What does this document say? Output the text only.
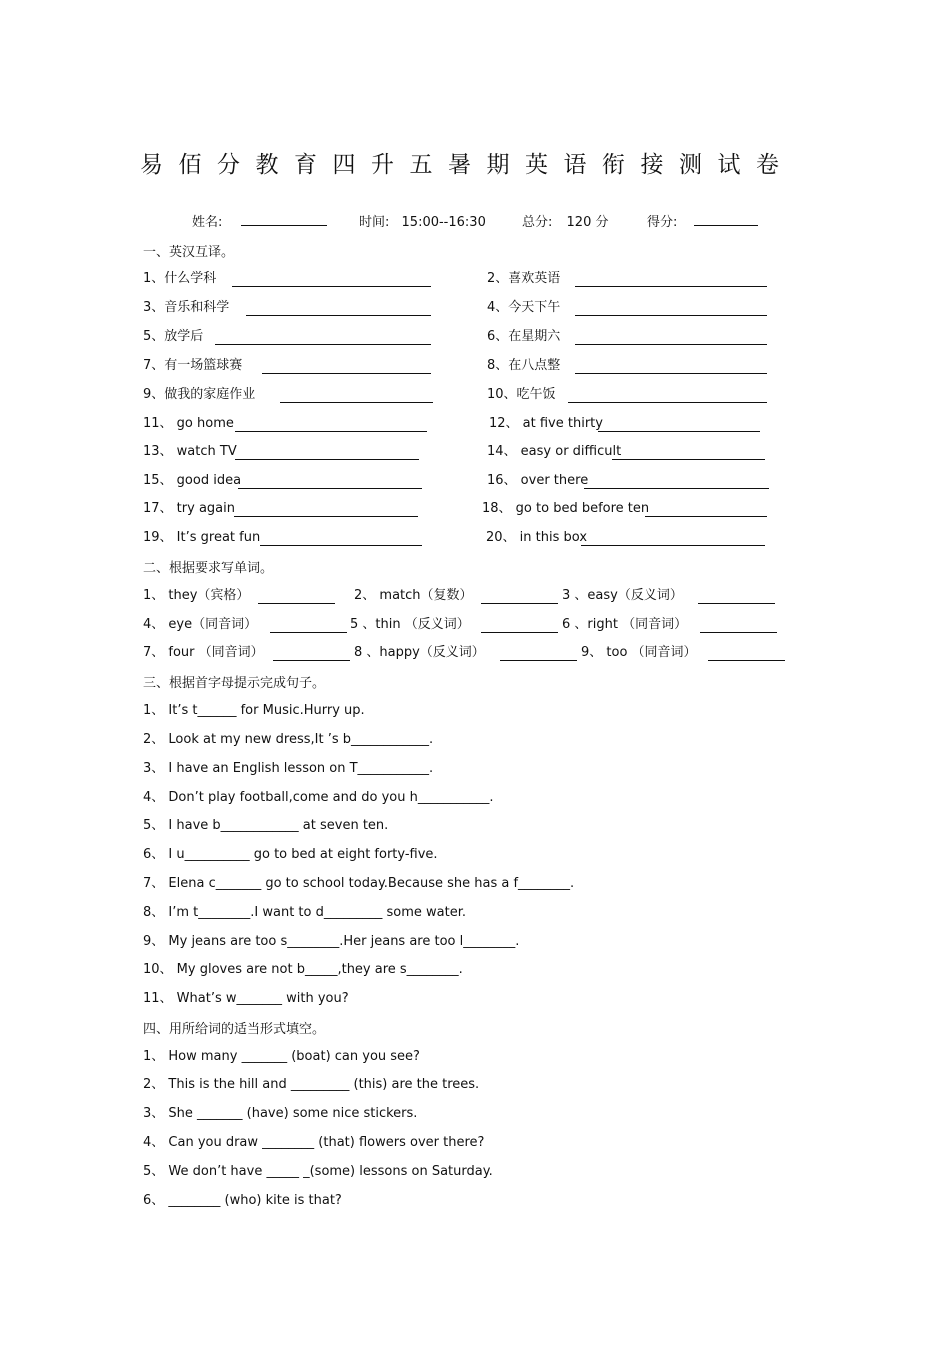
易佰分教育四升五暑期英语衔接测试卷
姓名:	时间: 15:00--16:30	总分: 120 分	得分:
一、英汉互译。
1、什么学科	2、喜欢英语
3、音乐和科学	4、今天下午
5、放学后	6、在星期六
7、有一场篮球赛	8、在八点整
9、做我的家庭作业	10、吃午饭
11、 go home	12、 at five thirty
13、 watch TV	14、 easy or difficult
15、 good idea	16、 over there
17、 try again	18、 go to bed before ten
19、 It’s great fun	20、 in this box
二、根据要求写单词。
1、 they（宾格）	2、 match（复数）	3 、easy（反义词）
4、 eye（同音词）	5 、thin （反义词）	6 、right （同音词）
7、 four （同音词）	8 、happy（反义词）	9、 too （同音词）
三、根据首字母提示完成句子。
1、 It’s t______ for Music.Hurry up.
2、 Look at my new dress,It ’s b____________.
3、 I have an English lesson on T___________.
4、 Don’t play football,come and do you h___________.
5、 I have b____________ at seven ten.
6、 I u__________ go to bed at eight forty-five.
7、 Elena c_______ go to school today.Because she has a f________.
8、 I’m t________.I want to d_________ some water.
9、 My jeans are too s________.Her jeans are too l________.
10、 My gloves are not b_____,they are s________.
11、 What’s w_______ with you?
四、用所给词的适当形式填空。
1、 How many _______ (boat) can you see?
2、 This is the hill and _________ (this) are the trees.
3、 She _______ (have) some nice stickers.
4、 Can you draw ________ (that) flowers over there?
5、 We don’t have _____ _(some) lessons on Saturday.
6、 ________ (who) kite is that?
